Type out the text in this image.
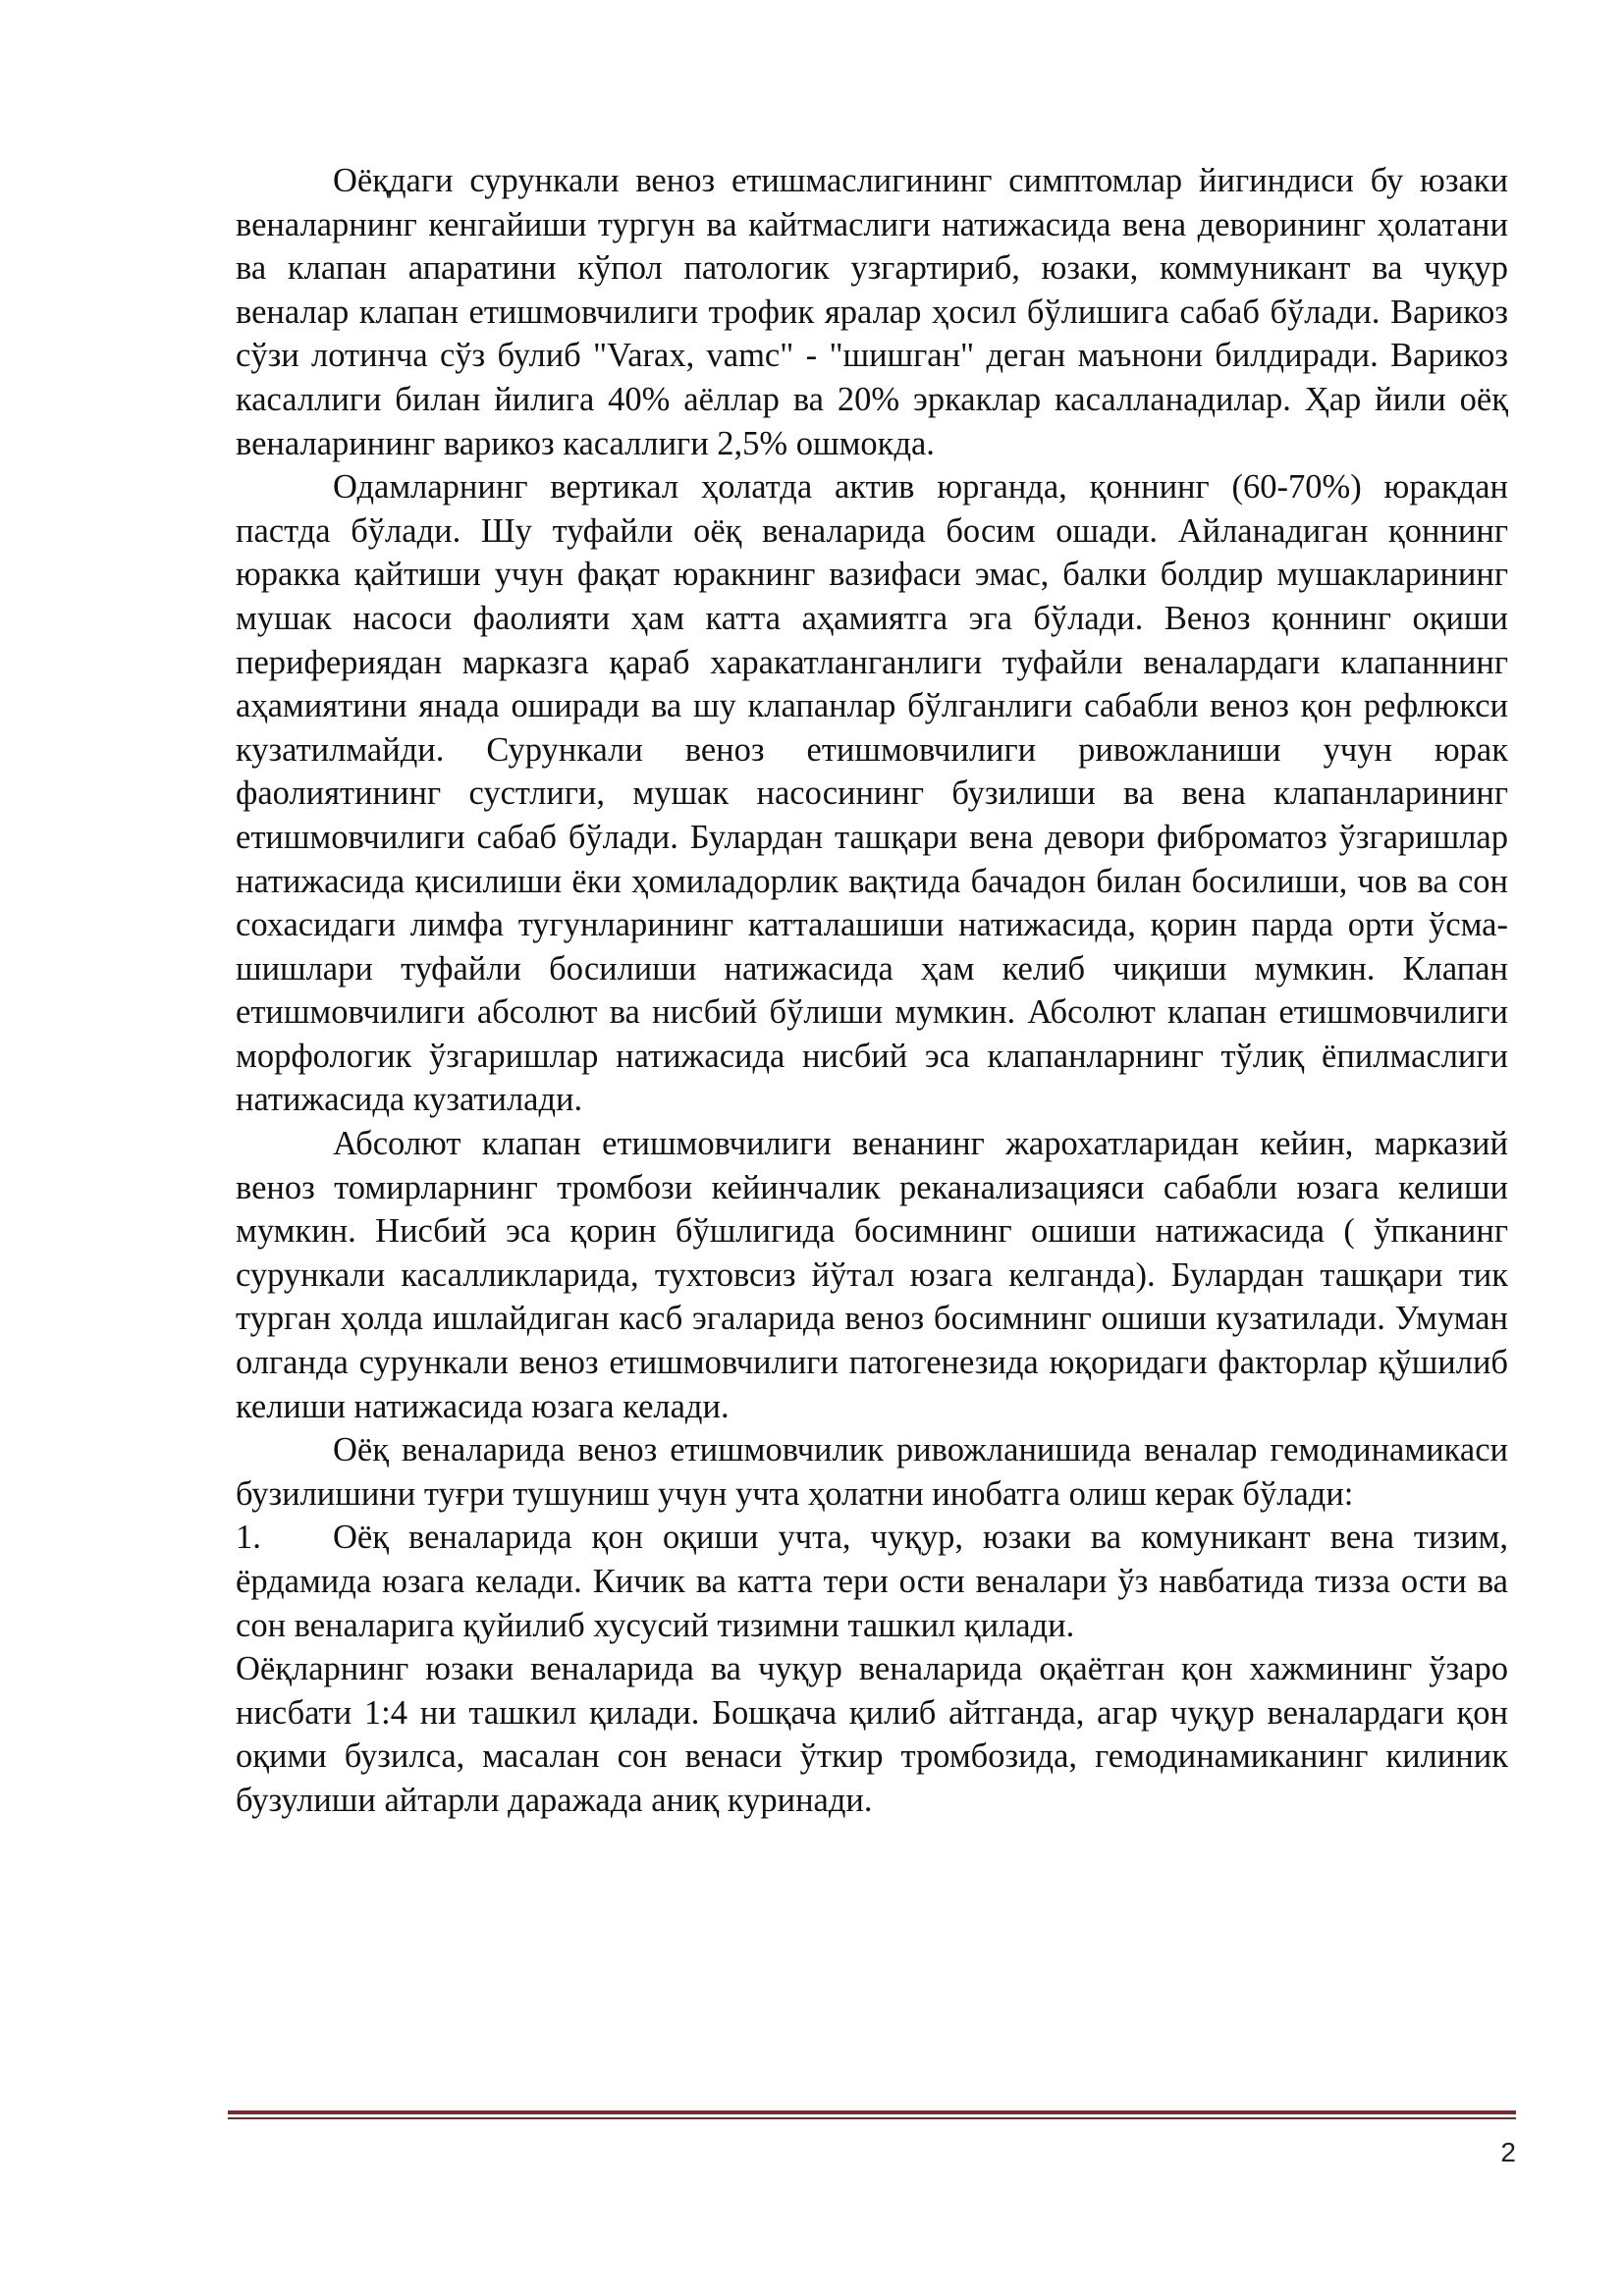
Оёқдаги сурункали веноз етишмаслигининг симптомлар йигиндиси бу юзаки веналарнинг кенгайиши тургун ва кайтмаслиги натижасида вена деворининг ҳолатани ва клапан апаратини кўпол патологик узгартириб, юзаки, коммуникант ва чуқур веналар клапан етишмовчилиги трофик яралар ҳосил бўлишига сабаб бўлади. Варикоз сўзи лотинча сўз булиб "Varax, vamc" - "шишган" деган маънони билдиради. Варикоз касаллиги билан йилига 40% аёллар ва 20% эркаклар касалланадилар. Ҳар йили оёқ веналарининг варикоз касаллиги 2,5% ошмокда.

Одамларнинг вертикал ҳолатда актив юрганда, қоннинг (60-70%) юракдан пастда бўлади. Шу туфайли оёқ веналарида босим ошади. Айланадиган қоннинг юракка қайтиши учун фақат юракнинг вазифаси эмас, балки болдир мушакларининг мушак насоси фаолияти ҳам катта аҳамиятга эга бўлади. Веноз қоннинг оқиши перифериядан марказга қараб харакатланганлиги туфайли веналардаги клапаннинг аҳамиятини янада оширади ва шу клапанлар бўлганлиги сабабли веноз қон рефлюкси кузатилмайди. Сурункали веноз етишмовчилиги ривожланиши учун юрак фаолиятининг сустлиги, мушак насосининг бузилиши ва вена клапанларининг етишмовчилиги сабаб бўлади. Булардан ташқари вена девори фиброматоз ўзгаришлар натижасида қисилиши ёки ҳомиладорлик вақтида бачадон билан босилиши, чов ва сон сохасидаги лимфа тугунларининг катталашиши натижасида, қорин парда орти ўсма-шишлари туфайли босилиши натижасида ҳам келиб чиқиши мумкин. Клапан етишмовчилиги абсолют ва нисбий бўлиши мумкин. Абсолют клапан етишмовчилиги морфологик ўзгаришлар натижасида нисбий эса клапанларнинг тўлиқ ёпилмаслиги натижасида кузатилади.

Абсолют клапан етишмовчилиги венанинг жарохатларидан кейин, марказий веноз томирларнинг тромбози кейинчалик реканализацияси сабабли юзага келиши мумкин. Нисбий эса қорин бўшлигида босимнинг ошиши натижасида ( ўпканинг сурункали касалликларида, тухтовсиз йўтал юзага келганда). Булардан ташқари тик турган ҳолда ишлайдиган касб эгаларида веноз босимнинг ошиши кузатилади. Умуман олганда сурункали веноз етишмовчилиги патогенезида юқоридаги факторлар қўшилиб келиши натижасида юзага келади.

Оёқ веналарида веноз етишмовчилик ривожланишида веналар гемодинамикаси бузилишини туғри тушуниш учун учта ҳолатни инобатга олиш керак бўлади:

1. Оёқ веналарида қон оқиши учта, чуқур, юзаки ва комуникант вена тизим, ёрдамида юзага келади. Кичик ва катта тери ости веналари ўз навбатида тизза ости ва сон веналарига қуйилиб хусусий тизимни ташкил қилади.

Оёқларнинг юзаки веналарида ва чуқур веналарида оқаётган қон хажмининг ўзаро нисбати 1:4 ни ташкил қилади. Бошқача қилиб айтганда, агар чуқур веналардаги қон оқими бузилса, масалан сон венаси ўткир тромбозида, гемодинамиканинг килиник бузулиши айтарли даражада аниқ куринади.

2
